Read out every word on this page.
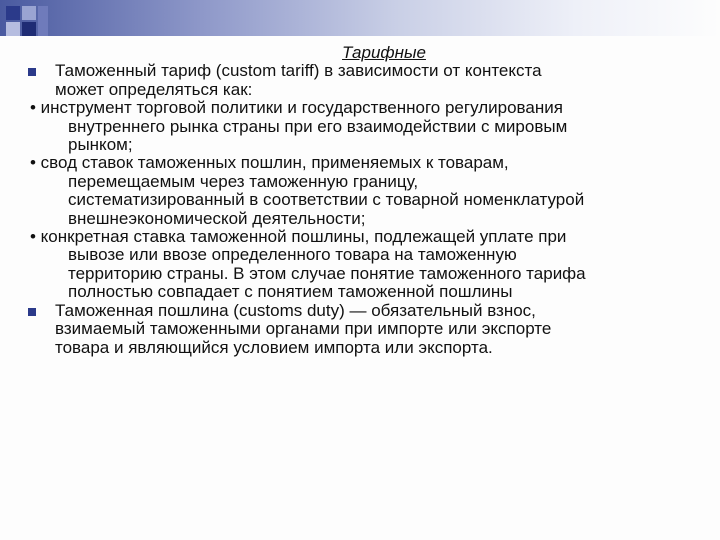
Тарифные
Таможенный тариф (custom tariff) в зависимости от контекста
может определяться как:
• инструмент торговой политики и государственного регулирования
внутреннего рынка страны при его взаимодействии с мировым
рынком;
• свод ставок таможенных пошлин, применяемых к товарам,
перемещаемым через таможенную границу,
систематизированный в соответствии с товарной номенклатурой
внешнеэкономической деятельности;
• конкретная ставка таможенной пошлины, подлежащей уплате при
вывозе или ввозе определенного товара на таможенную
территорию страны. В этом случае понятие таможенного тарифа
полностью совпадает с понятием таможенной пошлины
Таможенная пошлина (customs duty) — обязательный взнос,
взимаемый таможенными органами при импорте или экспорте
товара и являющийся условием импорта или экспорта.
